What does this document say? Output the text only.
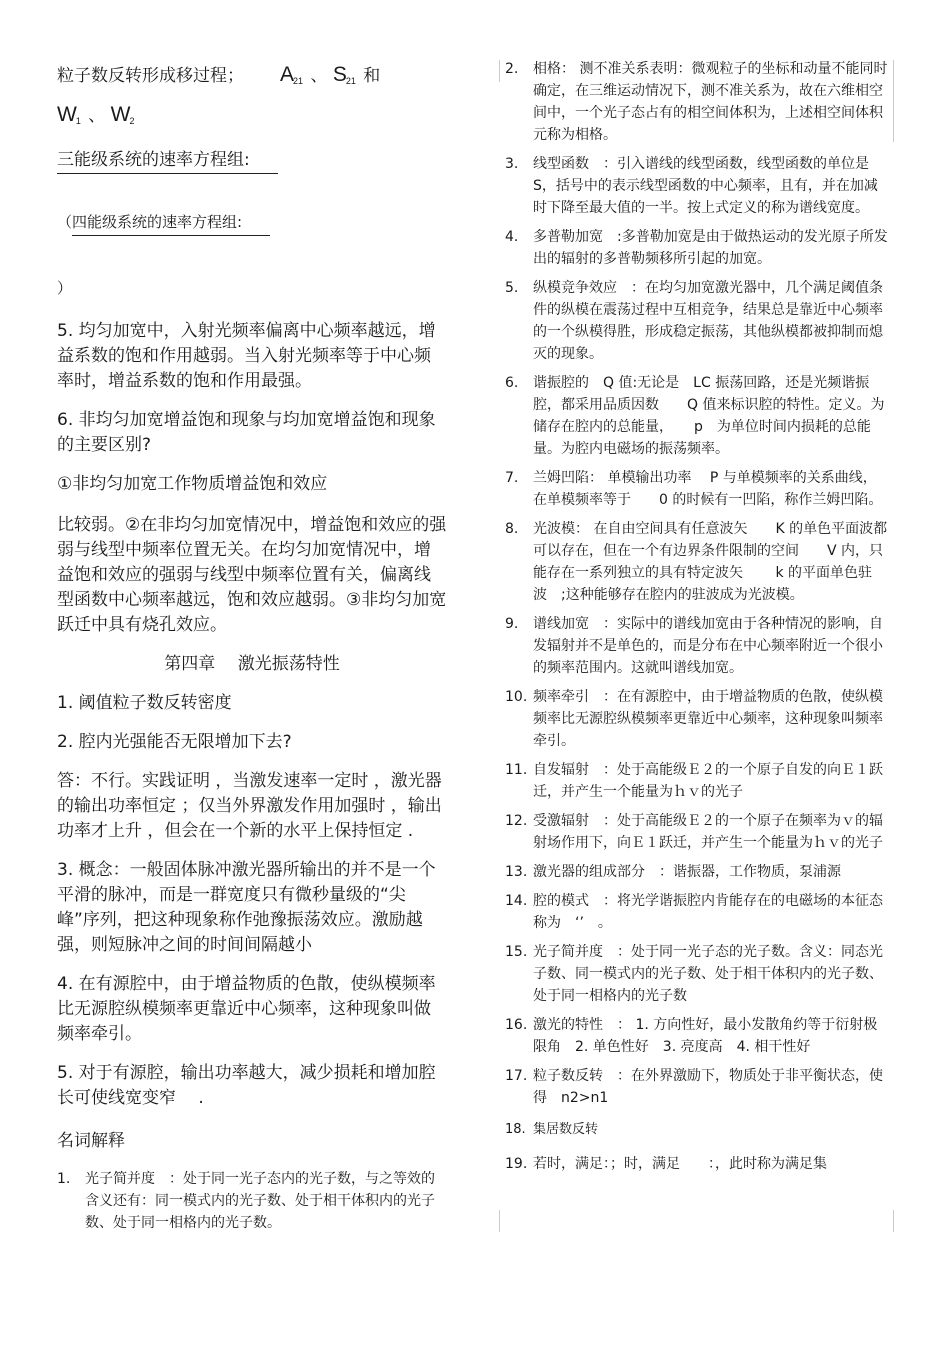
粒子数反转形成移过程； $A_{21}$ 、 $S_{21}$ 和
$W_1$ 、 $W_2$
三能级系统的速率方程组:
（四能级系统的速率方程组:
）
5. 均匀加宽中，入射光频率偏离中心频率越远，增益系数的饱和作用越弱。当入射光频率等于中心频率时，增益系数的饱和作用最强。
6. 非均匀加宽增益饱和现象与均加宽增益饱和现象的主要区别?
①非均匀加宽工作物质增益饱和效应
比较弱。②在非均匀加宽情况中，增益饱和效应的强弱与线型中频率位置无关。在均匀加宽情况中，增益饱和效应的强弱与线型中频率位置有关，偏离线型函数中心频率越远，饱和效应越弱。③非均匀加宽跃迁中具有烧孔效应。
第四章　 激光振荡特性
1. 阈值粒子数反转密度
2. 腔内光强能否无限增加下去?
答：不行。实践证明 ，当激发速率一定时 ，激光器的输出功率恒定 ；仅当外界激发作用加强时 ，输出功率才上升 ，但会在一个新的水平上保持恒定 .
3. 概念：一般固体脉冲激光器所输出的并不是一个平滑的脉冲，而是一群宽度只有微秒量级的“尖峰”序列，把这种现象称作弛豫振荡效应。激励越强，则短脉冲之间的时间间隔越小
4. 在有源腔中，由于增益物质的色散，使纵模频率比无源腔纵模频率更靠近中心频率，这种现象叫做频率牵引。
5. 对于有源腔，输出功率越大，减少损耗和增加腔长可使线宽变窄 　.
名词解释
1. 光子简并度　：处于同一光子态内的光子数，与之等效的含义还有：同一模式内的光子数、处于相干体积内的光子数、处于同一相格内的光子数。
2. 相格： 测不准关系表明：微观粒子的坐标和动量不能同时确定，在三维运动情况下，测不准关系为，故在六维相空间中，一个光子态占有的相空间体积为，上述相空间体积元称为相格。
3. 线型函数　：引入谱线的线型函数，线型函数的单位是　S，括号中的表示线型函数的中心频率，且有，并在加减时下降至最大值的一半。按上式定义的称为谱线宽度。
4. 多普勒加宽　:多普勒加宽是由于做热运动的发光原子所发出的辐射的多普勒频移所引起的加宽。
5. 纵模竞争效应　：在均匀加宽激光器中，几个满足阈值条件的纵模在震荡过程中互相竞争，结果总是靠近中心频率的一个纵模得胜，形成稳定振荡，其他纵模都被抑制而熄灭的现象。
6. 谐振腔的　Q 值:无论是　LC 振荡回路，还是光频谐振腔，都采用品质因数　　Q 值来标识腔的特性。定义。为储存在腔内的总能量，　　p　为单位时间内损耗的总能量。为腔内电磁场的振荡频率。
7. 兰姆凹陷： 单模输出功率　 P 与单模频率的关系曲线，在单模频率等于　　0 的时候有一凹陷，称作兰姆凹陷。
8. 光波模： 在自由空间具有任意波矢　　K 的单色平面波都可以存在，但在一个有边界条件限制的空间　　V 内，只能存在一系列独立的具有特定波矢　　 k 的平面单色驻波　;这种能够存在腔内的驻波成为光波模。
9. 谱线加宽　：实际中的谱线加宽由于各种情况的影响，自发辐射并不是单色的，而是分布在中心频率附近一个很小的频率范围内。这就叫谱线加宽。
10. 频率牵引　：在有源腔中，由于增益物质的色散，使纵模频率比无源腔纵模频率更靠近中心频率，这种现象叫频率牵引。
11. 自发辐射　：处于高能级Ｅ２的一个原子自发的向Ｅ１跃迁，并产生一个能量为ｈｖ的光子
12. 受激辐射　：处于高能级Ｅ２的一个原子在频率为ｖ的辐射场作用下，向Ｅ１跃迁，并产生一个能量为ｈｖ的光子
13. 激光器的组成部分　：谐振器，工作物质，泵浦源
14. 腔的模式　：将光学谐振腔内肯能存在的电磁场的本征态称为　‘’　。
15. 光子简并度　：处于同一光子态的光子数。含义：同态光子数、同一模式内的光子数、处于相干体积内的光子数、处于同一相格内的光子数
16. 激光的特性　： 1. 方向性好，最小发散角约等于衍射极限角　2. 单色性好　3. 亮度高　4. 相干性好
17. 粒子数反转　：在外界激励下，物质处于非平衡状态，使得　n2>n1
18. 集居数反转
19. 若时，满足：；时，满足　　：，此时称为满足集
